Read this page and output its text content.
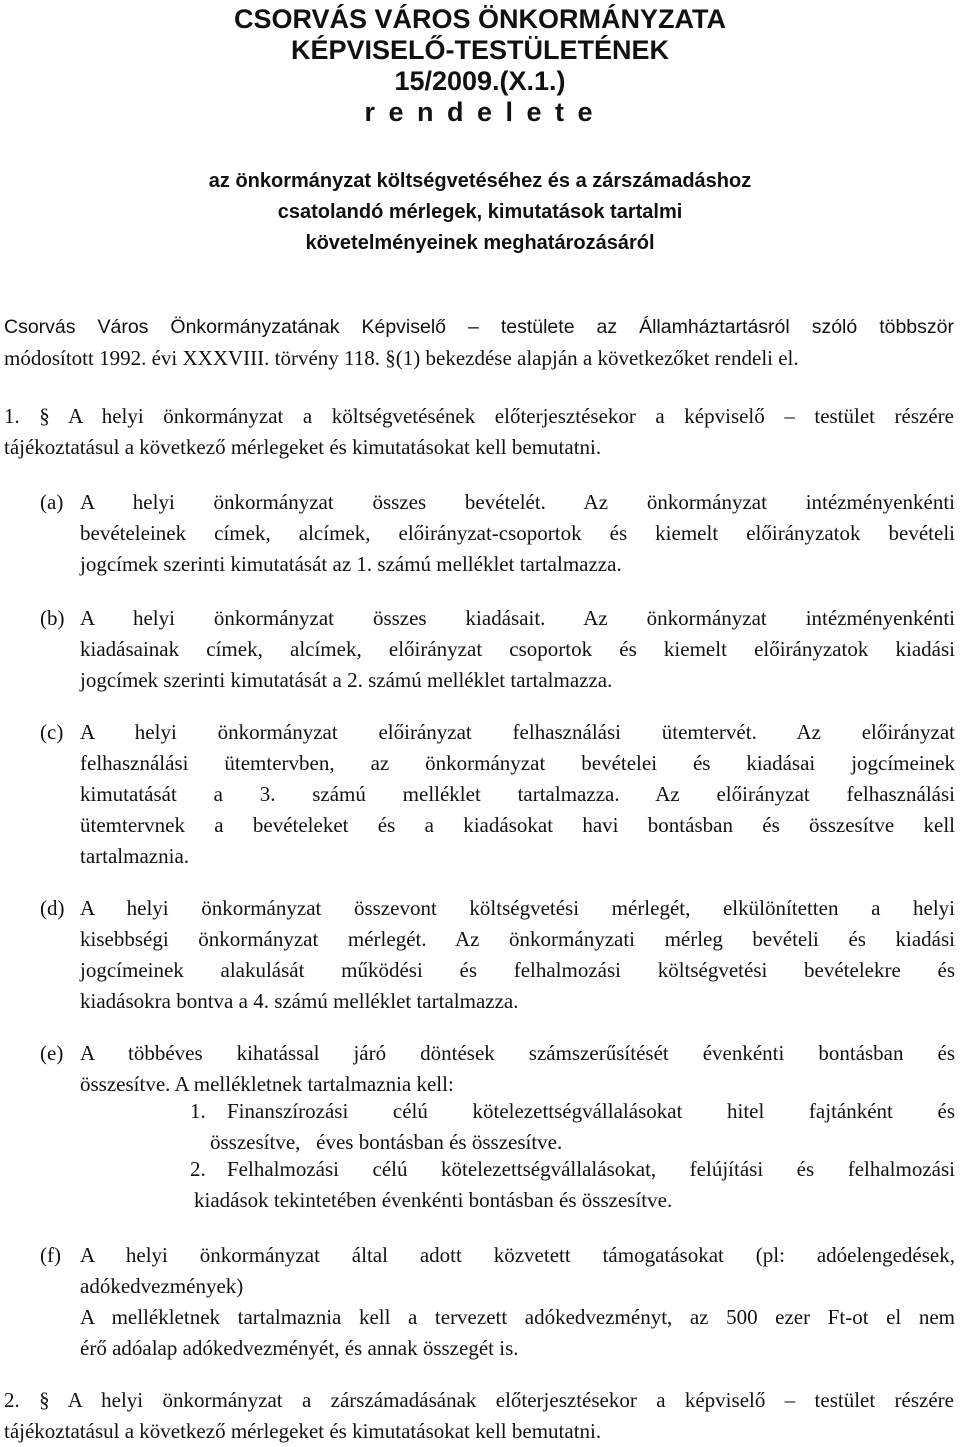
CSORVÁS VÁROS ÖNKORMÁNYZATA
KÉPVISELŐ-TESTÜLETÉNEK
15/2009.(X.1.)
r e n d e l e t e
az önkormányzat költségvetéséhez és a zárszámadáshoz
csatolandó mérlegek, kimutatások tartalmi
követelményeinek meghatározásáról
Csorvás Város Önkormányzatának Képviselő – testülete az Államháztartásról szóló többször
módosított 1992. évi XXXVIII. törvény 118. §(1) bekezdése alapján a következőket rendeli el.
1. § A helyi önkormányzat a költségvetésének előterjesztésekor a képviselő – testület részére
tájékoztatásul a következő mérlegeket és kimutatásokat kell bemutatni.
(a) A helyi önkormányzat összes bevételét. Az önkormányzat intézményenkénti
bevételeinek címek, alcímek, előirányzat-csoportok és kiemelt előirányzatok bevételi
jogcímek szerinti kimutatását az 1. számú melléklet tartalmazza.
(b) A helyi önkormányzat összes kiadásait. Az önkormányzat intézményenkénti
kiadásainak címek, alcímek, előirányzat csoportok és kiemelt előirányzatok kiadási
jogcímek szerinti kimutatását a 2. számú melléklet tartalmazza.
(c) A helyi önkormányzat előirányzat felhasználási ütemtervét. Az előirányzat
felhasználási ütemtervben, az önkormányzat bevételei és kiadásai jogcímeinek
kimutatását a 3. számú melléklet tartalmazza. Az előirányzat felhasználási
ütemtervnek a bevételeket és a kiadásokat havi bontásban és összesítve kell
tartalmaznia.
(d) A helyi önkormányzat összevont költségvetési mérlegét, elkülönítetten a helyi
kisebbségi önkormányzat mérlegét. Az önkormányzati mérleg bevételi és kiadási
jogcímeinek alakulását működési és felhalmozási költségvetési bevételekre és
kiadásokra bontva a 4. számú melléklet tartalmazza.
(e) A többéves kihatással járó döntések számszerűsítését évenkénti bontásban és
összesítve. A mellékletnek tartalmaznia kell:
1.	Finanszírozási célú kötelezettségvállalásokat hitel fajtánként és
összesítve,   éves bontásban és összesítve.
2.	Felhalmozási célú kötelezettségvállalásokat, felújítási és felhalmozási
kiadások tekintetében évenkénti bontásban és összesítve.
(f) A helyi önkormányzat által adott közvetett támogatásokat (pl: adóelengedések,
adókedvezmények)
A mellékletnek tartalmaznia kell a tervezett adókedvezményt, az 500 ezer Ft-ot el nem
érő adóalap adókedvezményét, és annak összegét is.
2. § A helyi önkormányzat a zárszámadásának előterjesztésekor a képviselő – testület részére
tájékoztatásul a következő mérlegeket és kimutatásokat kell bemutatni.
